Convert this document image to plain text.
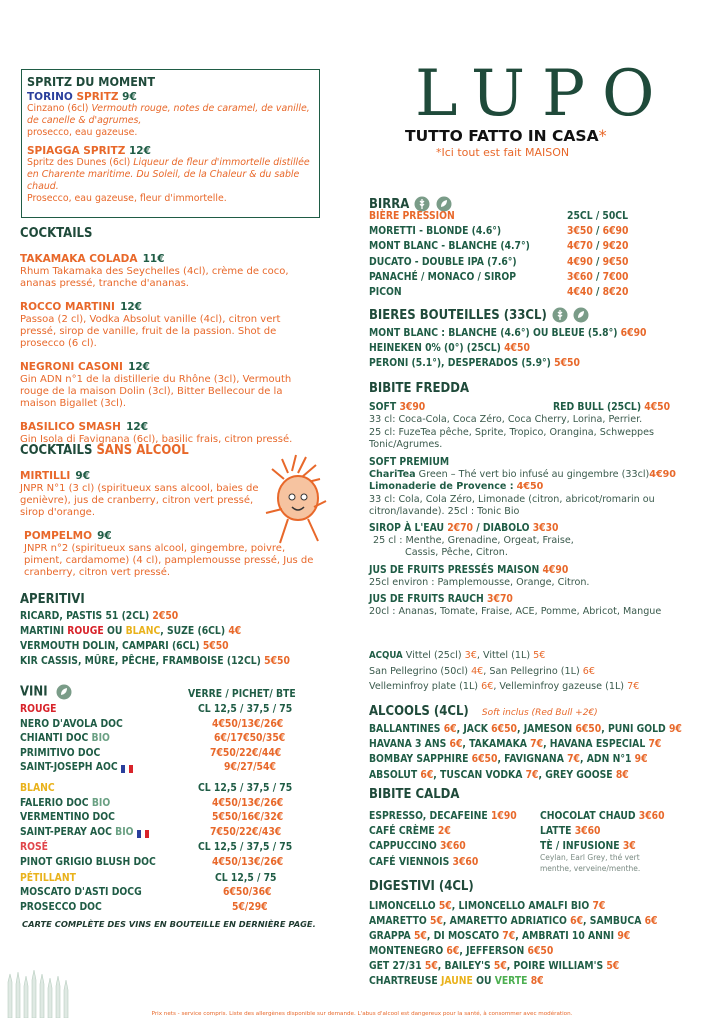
LUPO
TUTTO FATTO IN CASA*
*Ici tout est fait MAISON
SPRITZ DU MOMENT
TORINO SPRITZ 9€
Cinzano (6cl) Vermouth rouge, notes de caramel, de vanille, de canelle & d'agrumes,
prosecco, eau gazeuse.
SPIAGGA SPRITZ 12€
Spritz des Dunes (6cl) Liqueur de fleur d'immortelle distillée en Charente maritime. Du Soleil, de la Chaleur & du sable chaud.
Prosecco, eau gazeuse, fleur d'immortelle.
COCKTAILS
TAKAMAKA COLADA 11€
Rhum Takamaka des Seychelles (4cl), crème de coco, ananas pressé, tranche d'ananas.
ROCCO MARTINI 12€
Passoa (2 cl), Vodka Absolut vanille (4cl), citron vert pressé, sirop de vanille, fruit de la passion. Shot de prosecco (6 cl).
NEGRONI CASONI 12€
Gin ADN n°1 de la distillerie du Rhône (3cl), Vermouth rouge de la maison Dolin (3cl), Bitter Bellecour de la maison Bigallet (3cl).
BASILICO SMASH 12€
Gin Isola di Favignana (6cl), basilic frais, citron pressé.
COCKTAILS SANS ALCOOL
MIRTILLI 9€
JNPR N°1 (3 cl) (spiritueux sans alcool, baies de genièvre), jus de cranberry, citron vert pressé, sirop d'orange.
POMPELMO 9€
JNPR n°2 (spiritueux sans alcool, gingembre, poivre, piment, cardamome) (4 cl), pamplemousse pressé, Jus de cranberry, citron vert pressé.
APERITIVI
RICARD, PASTIS 51 (2CL) 2€50
MARTINI ROUGE OU BLANC, SUZE (6CL) 4€
VERMOUTH DOLIN, CAMPARI (6CL) 5€50
KIR CASSIS, MÛRE, PÊCHE, FRAMBOISE (12CL) 5€50
VINI	VERRE / PICHET/ BTE
ROUGE	CL 12,5 / 37,5 / 75
NERO D'AVOLA DOC	4€50/13€/26€
CHIANTI DOC BIO	6€/17€50/35€
PRIMITIVO DOC	7€50/22€/44€
SAINT-JOSEPH AOC	9€/27/54€
BLANC	CL 12,5 / 37,5 / 75
FALERIO DOC BIO	4€50/13€/26€
VERMENTINO DOC	5€50/16€/32€
SAINT-PERAY AOC BIO	7€50/22€/43€
ROSÉ	CL 12,5 / 37,5 / 75
PINOT GRIGIO BLUSH DOC	4€50/13€/26€
PÉTILLANT	CL 12,5 / 75
MOSCATO D'ASTI DOCG	6€50/36€
PROSECCO DOC	5€/29€
CARTE COMPLÈTE DES VINS EN BOUTEILLE EN DERNIÈRE PAGE.
BIRRA
BIÈRE PRESSION	25CL / 50CL
MORETTI - BLONDE (4.6°)	3€50 / 6€90
MONT BLANC - BLANCHE (4.7°)	4€70 / 9€20
DUCATO - DOUBLE IPA (7.6°)	4€90 / 9€50
PANACHÉ / MONACO / SIROP	3€60 / 7€00
PICON	4€40 / 8€20
BIERES BOUTEILLES (33CL)
MONT BLANC : BLANCHE (4.6°) OU BLEUE (5.8°) 6€90
HEINEKEN 0% (0°) (25CL) 4€50
PERONI (5.1°), DESPERADOS (5.9°) 5€50
BIBITE FREDDA
SOFT 3€90	RED BULL (25CL) 4€50
33 cl: Coca-Cola, Coca Zéro, Coca Cherry, Lorina, Perrier.
25 cl: FuzeTea pêche, Sprite, Tropico, Orangina, Schweppes Tonic/Agrumes.
SOFT PREMIUM
ChariTea Green – Thé vert bio infusé au gingembre (33cl)4€90
Limonaderie de Provence : 4€50
33 cl: Cola, Cola Zéro, Limonade (citron, abricot/romarin ou citron/lavande). 25cl : Tonic Bio
SIROP À L'EAU 2€70 / DIABOLO 3€30
25 cl : Menthe, Grenadine, Orgeat, Fraise,
Cassis, Pêche, Citron.
JUS DE FRUITS PRESSÉS MAISON 4€90
25cl environ : Pamplemousse, Orange, Citron.
JUS DE FRUITS RAUCH 3€70
20cl : Ananas, Tomate, Fraise, ACE, Pomme, Abricot, Mangue
ACQUA Vittel (25cl) 3€, Vittel (1L) 5€
San Pellegrino (50cl) 4€, San Pellegrino (1L) 6€
Velleminfroy plate (1L) 6€, Velleminfroy gazeuse (1L) 7€
ALCOOLS (4CL) Soft inclus (Red Bull +2€)
BALLANTINES 6€, JACK 6€50, JAMESON 6€50, PUNI GOLD 9€
HAVANA 3 ANS 6€, TAKAMAKA 7€, HAVANA ESPECIAL 7€
BOMBAY SAPPHIRE 6€50, FAVIGNANA 7€, ADN N°1 9€
ABSOLUT 6€, TUSCAN VODKA 7€, GREY GOOSE 8€
BIBITE CALDA
ESPRESSO, DECAFEINE 1€90
CAFÉ CRÈME 2€
CAPPUCCINO 3€60
CAFÉ VIENNOIS 3€60
CHOCOLAT CHAUD 3€60
LATTE 3€60
TÈ / INFUSIONE 3€
Ceylan, Earl Grey, thé vert menthe, verveine/menthe.
DIGESTIVI (4CL)
LIMONCELLO 5€, LIMONCELLO AMALFI BIO 7€
AMARETTO 5€, AMARETTO ADRIATICO 6€, SAMBUCA 6€
GRAPPA 5€, DI MOSCATO 7€, AMBRATI 10 ANNI 9€
MONTENEGRO 6€, JEFFERSON 6€50
GET 27/31 5€, BAILEY'S 5€, POIRE WILLIAM'S 5€
CHARTREUSE JAUNE OU VERTE 8€
Prix nets - service compris. Liste des allergènes disponible sur demande. L'abus d'alcool est dangereux pour la santé, à consommer avec modération.
